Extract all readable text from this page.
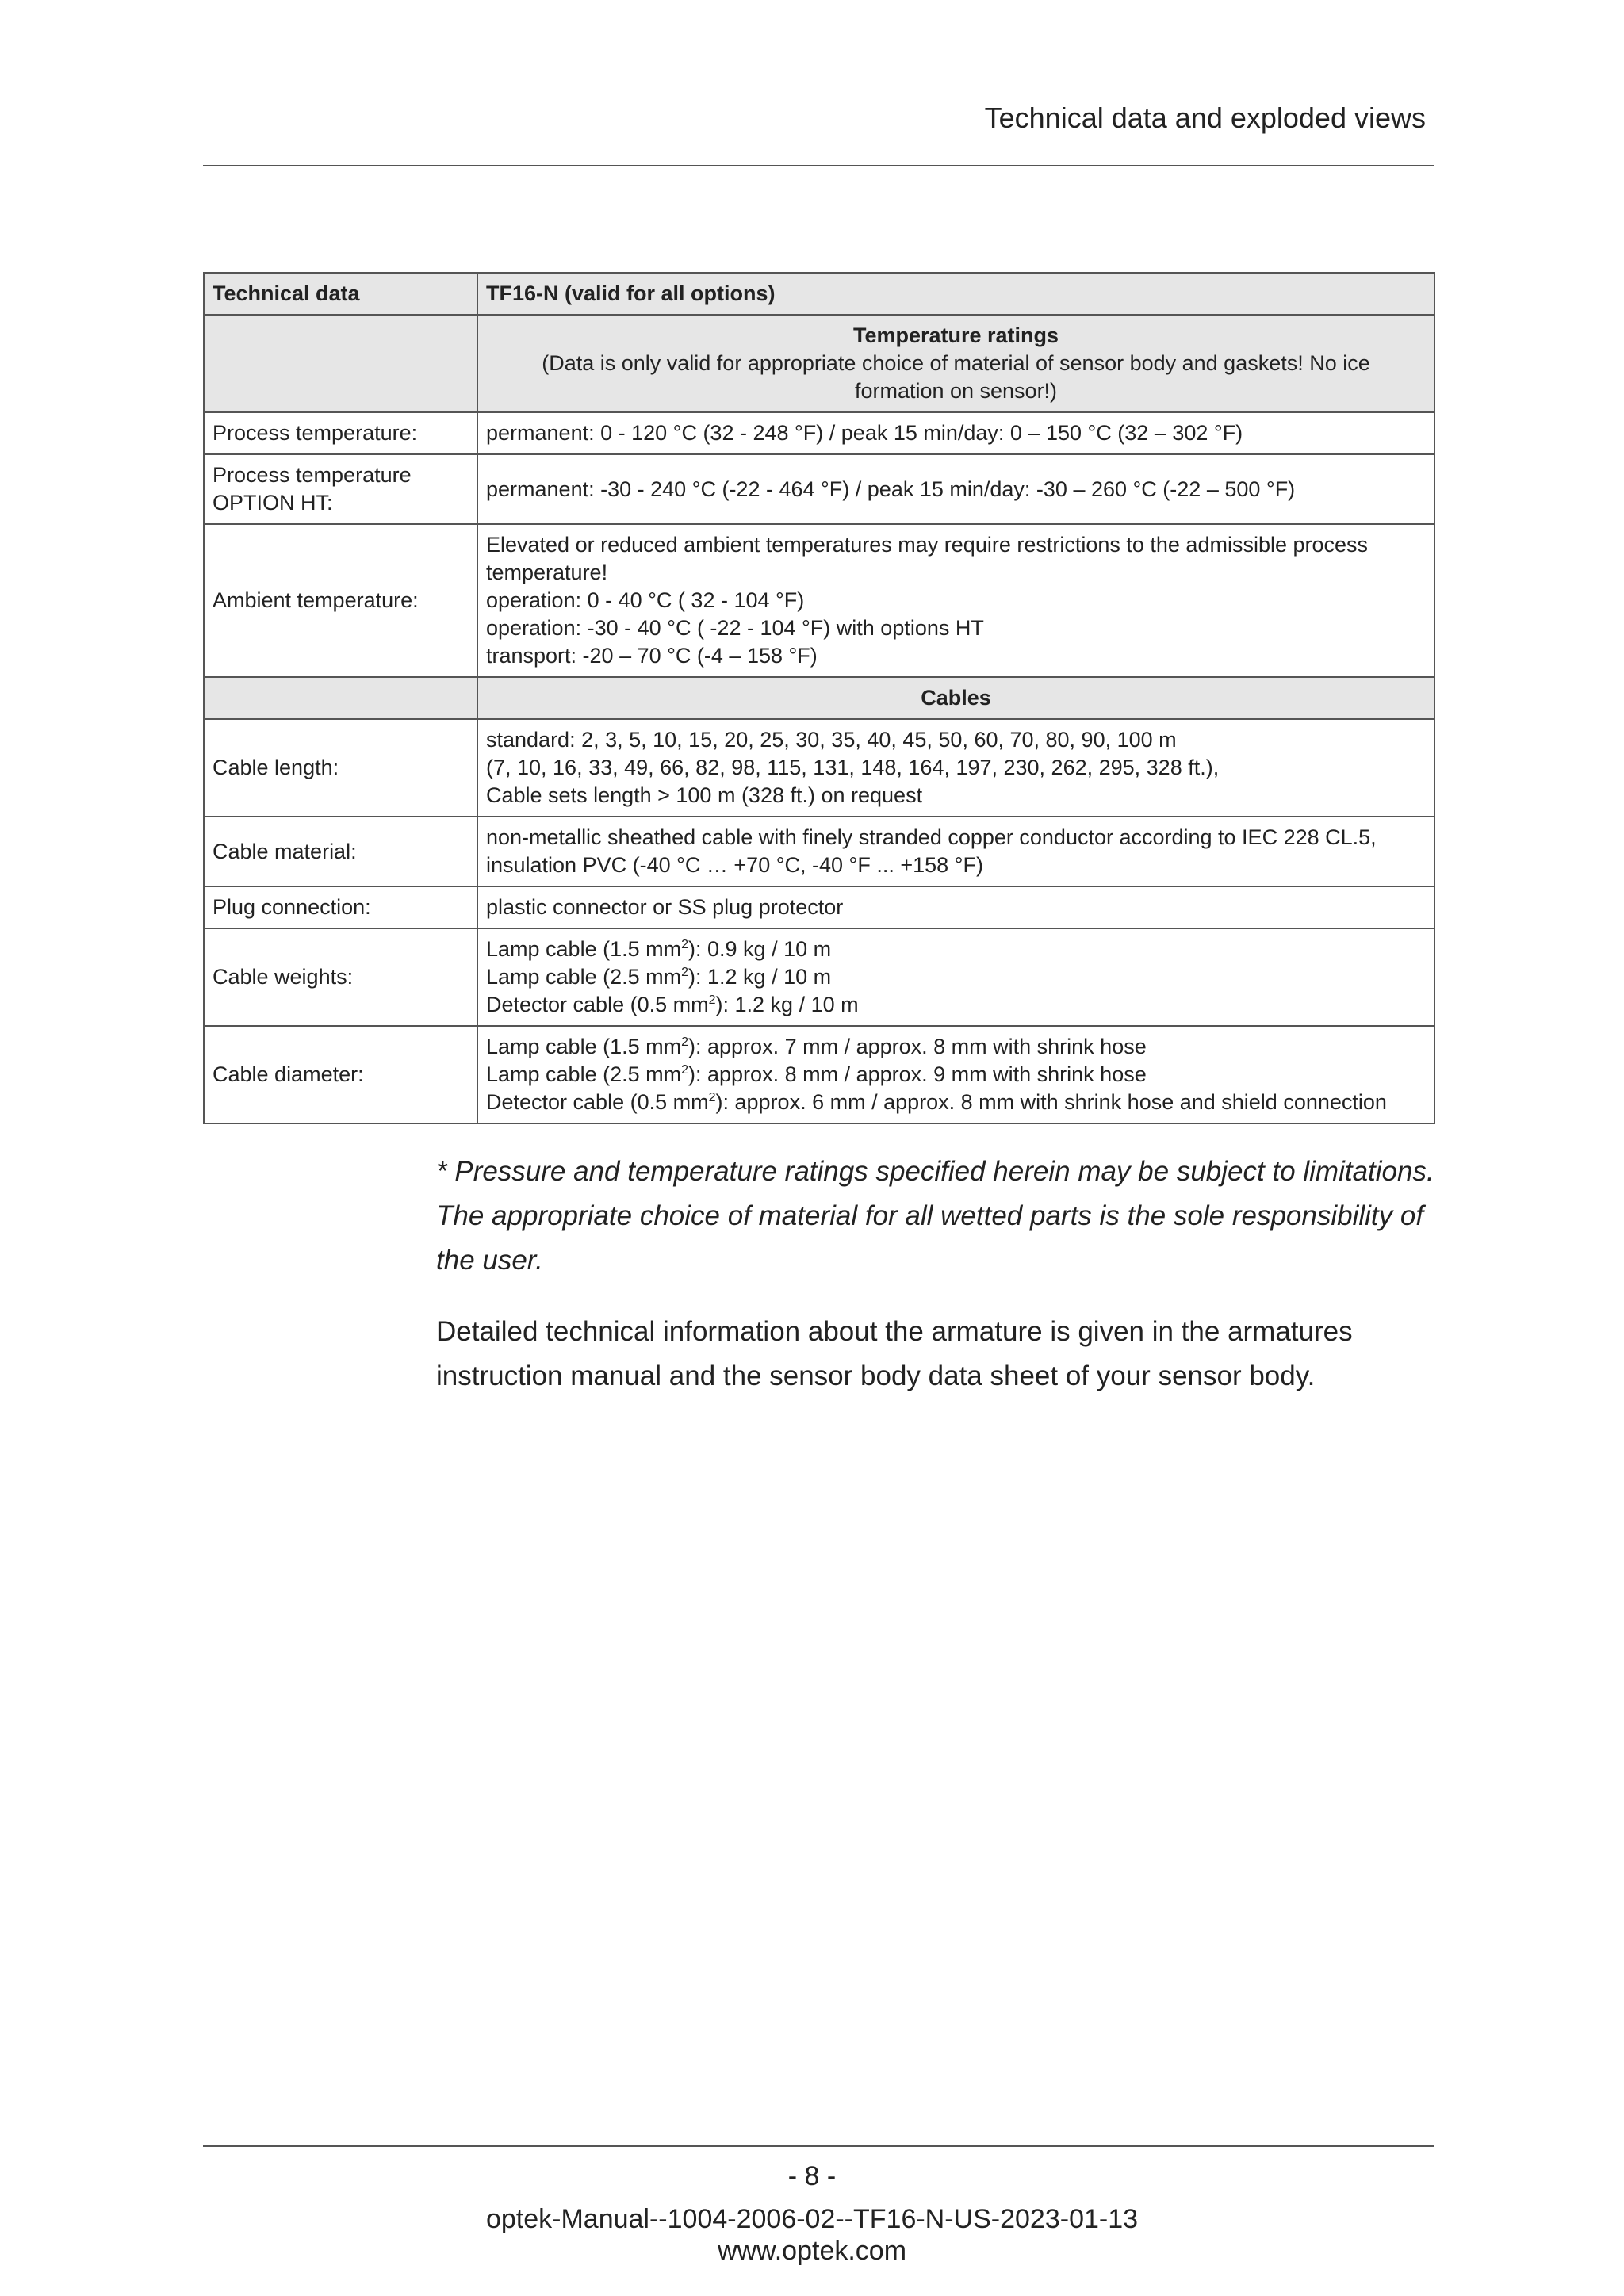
Technical data and exploded views
Technical data	TF16-N (valid for all options)

	Temperature ratings
(Data is only valid for appropriate choice of material of sensor body and gaskets! No ice
formation on sensor!)

Process temperature:	permanent: 0 - 120 °C (32 - 248 °F) / peak 15 min/day: 0 – 150 °C (32 – 302 °F)

Process temperature
OPTION HT:	permanent: -30 - 240 °C (-22 - 464 °F) / peak 15 min/day: -30 – 260 °C (-22 – 500 °F)
Ambient temperature:	Elevated or reduced ambient temperatures may require restrictions to the admissible process
temperature!
operation: 0 - 40 °C ( 32 - 104 °F)
operation: -30 - 40 °C ( -22 - 104 °F) with options HT
transport: -20 – 70 °C (-4 – 158 °F)

	Cables
Cable length:	standard: 2, 3, 5, 10, 15, 20, 25, 30, 35, 40, 45, 50, 60, 70, 80, 90, 100 m
(7, 10, 16, 33, 49, 66, 82, 98, 115, 131, 148, 164, 197, 230, 262, 295, 328 ft.),
Cable sets length > 100 m (328 ft.) on request

Cable material:	non-metallic sheathed cable with finely stranded copper conductor according to IEC 228 CL.5,
insulation PVC (-40 °C … +70 °C, -40 °F ... +158 °F)

Plug connection:	plastic connector or SS plug protector
Cable weights:	Lamp cable (1.5 $mm^2$): 0.9 kg / 10 m
Lamp cable (2.5 $mm^2$): 1.2 kg / 10 m
Detector cable (0.5 $mm^2$): 1.2 kg / 10 m

Cable diameter:	Lamp cable (1.5 $mm^2$): approx. 7 mm / approx. 8 mm with shrink hose
Lamp cable (2.5 $mm^2$): approx. 8 mm / approx. 9 mm with shrink hose
Detector cable (0.5 $mm^2$): approx. 6 mm / approx. 8 mm with shrink hose and shield connection
* Pressure and temperature ratings specified herein may be subject to limitations.
The appropriate choice of material for all wetted parts is the sole responsibility of
the user.
Detailed technical information about the armature is given in the armatures
instruction manual and the sensor body data sheet of your sensor body.
- 8 -
optek-Manual--1004-2006-02--TF16-N-US-2023-01-13
www.optek.com
